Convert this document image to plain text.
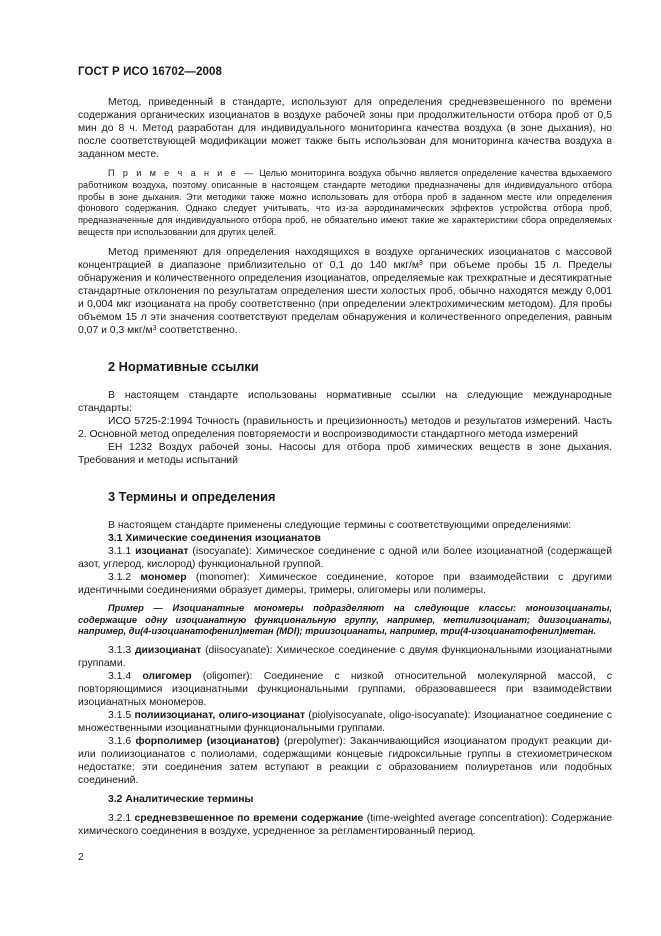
ГОСТ Р ИСО 16702—2008

Метод, приведенный в стандарте, используют для определения средневзвешенного по времени содержания органических изоцианатов в воздухе рабочей зоны при продолжительности отбора проб от 0,5 мин до 8 ч. Метод разработан для индивидуального мониторинга качества воздуха (в зоне дыхания), но после соответствующей модификации может также быть использован для мониторинга качества воздуха в заданном месте.

П р и м е ч а н и е — Целью мониторинга воздуха обычно является определение качества вдыхаемого работником воздуха, поэтому описанные в настоящем стандарте методики предназначены для индивидуального отбора пробы в зоне дыхания. Эти методики также можно использовать для отбора проб в заданном месте или определения фонового содержания. Однако следует учитывать, что из-за аэродинамических эффектов устройства отбора проб, предназначенные для индивидуального отбора проб, не обязательно имеют такие же характеристики сбора определяемых веществ при использовании для других целей.

Метод применяют для определения находящихся в воздухе органических изоцианатов с массовой концентрацией в диапазоне приблизительно от 0,1 до 140 мкг/$м^3$ при объеме пробы 15 л. Пределы обнаружения и количественного определения изоцианатов, определяемые как трехкратные и десятикратные стандартные отклонения по результатам определения шести холостых проб, обычно находятся между 0,001 и 0,004 мкг изоцианата на пробу соответственно (при определении электрохимическим методом). Для пробы объемом 15 л эти значения соответствуют пределам обнаружения и количественного определения, равным 0,07 и 0,3 мкг/$м^3$ соответственно.

2 Нормативные ссылки

В настоящем стандарте использованы нормативные ссылки на следующие международные стандарты:

ИСО 5725-2:1994 Точность (правильность и прецизионность) методов и результатов измерений. Часть 2. Основной метод определения повторяемости и воспроизводимости стандартного метода измерений

ЕН 1232 Воздух рабочей зоны. Насосы для отбора проб химических веществ в зоне дыхания. Требования и методы испытаний

3 Термины и определения

В настоящем стандарте применены следующие термины с соответствующими определениями:

3.1 Химические соединения изоцианатов

3.1.1 изоцианат (isocyanate): Химическое соединение с одной или более изоцианатной (содержащей азот, углерод, кислород) функциональной группой.

3.1.2 мономер (monomer): Химическое соединение, которое при взаимодействии с другими идентичными соединениями образует димеры, тримеры, олигомеры или полимеры.

Пример — Изоцианатные мономеры подразделяют на следующие классы: моноизоцианаты, содержащие одну изоцианатную функциональную группу, например, метилизоцианат; диизоцианаты, например, ди(4-изоцианатофенил)метан (MDI); триизоцианаты, например, три(4-изоцианатофенил)метан.

3.1.3 диизоцианат (diisocyanate): Химическое соединение с двумя функциональными изоцианатными группами.

3.1.4 олигомер (oligomer): Соединение с низкой относительной молекулярной массой, с повторяющимися изоцианатными функциональными группами, образовавшееся при взаимодействии изоцианатных мономеров.

3.1.5 полиизоцианат, олиго-изоцианат (piolyisocyanate, oligo-isocyanate): Изоцианатное соединение с множественными изоцианатными функциональными группами.

3.1.6 форполимер (изоцианатов) (prepolymer): Заканчивающийся изоцианатом продукт реакции ди- или полиизоцианатов с полиолами, содержащими концевые гидроксильные группы в стехиометрическом недостатке; эти соединения затем вступают в реакции с образованием полиуретанов или подобных соединений.

3.2 Аналитические термины

3.2.1 средневзвешенное по времени содержание (time-weighted average concentration): Содержание химического соединения в воздухе, усредненное за регламентированный период.

2
